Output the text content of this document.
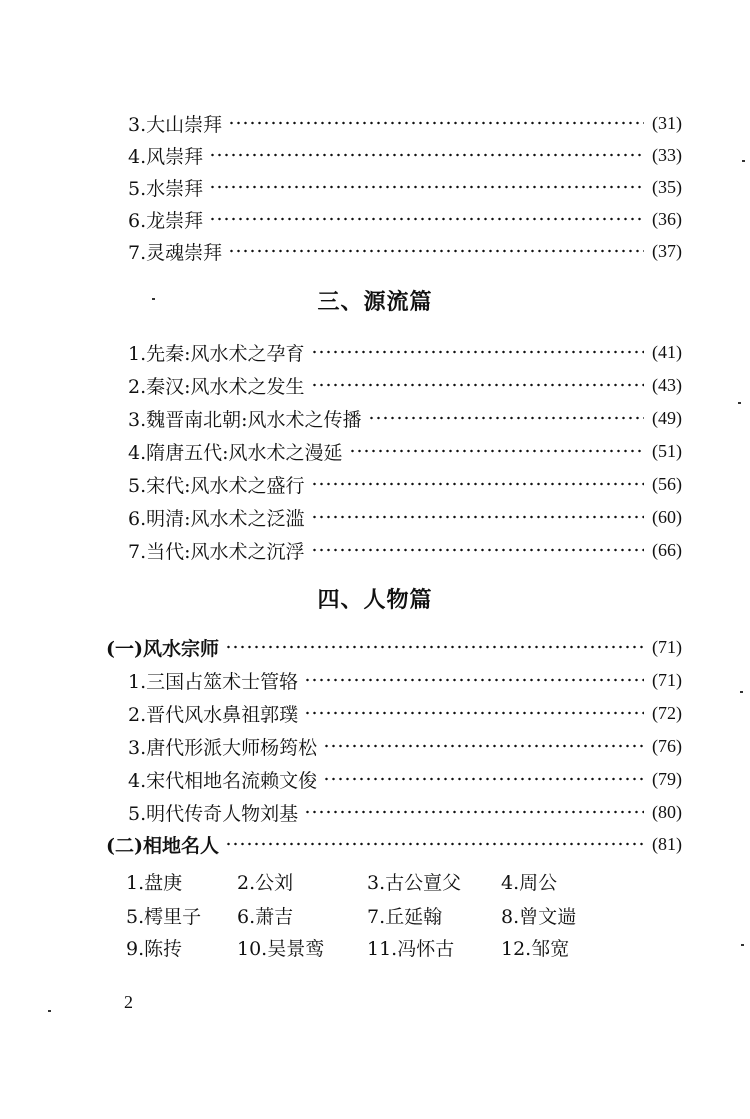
3.大山崇拜	(31)
4.风崇拜	(33)
5.水崇拜	(35)
6.龙崇拜	(36)
7.灵魂崇拜	(37)
三、源流篇
1.先秦:风水术之孕育	(41)
2.秦汉:风水术之发生	(43)
3.魏晋南北朝:风水术之传播	(49)
4.隋唐五代:风水术之漫延	(51)
5.宋代:风水术之盛行	(56)
6.明清:风水术之泛滥	(60)
7.当代:风水术之沉浮	(66)
四、人物篇
(一)风水宗师	(71)
1.三国占筮术士管辂	(71)
2.晋代风水鼻祖郭璞	(72)
3.唐代形派大师杨筠松	(76)
4.宋代相地名流赖文俊	(79)
5.明代传奇人物刘基	(80)
(二)相地名人	(81)
1.盘庚	2.公刘	3.古公亶父 4.周公
5.樗里子 6.萧吉	7.丘延翰	8.曾文遄
9.陈抟	10.吴景鸾 11.冯怀古 12.邹宽
2
